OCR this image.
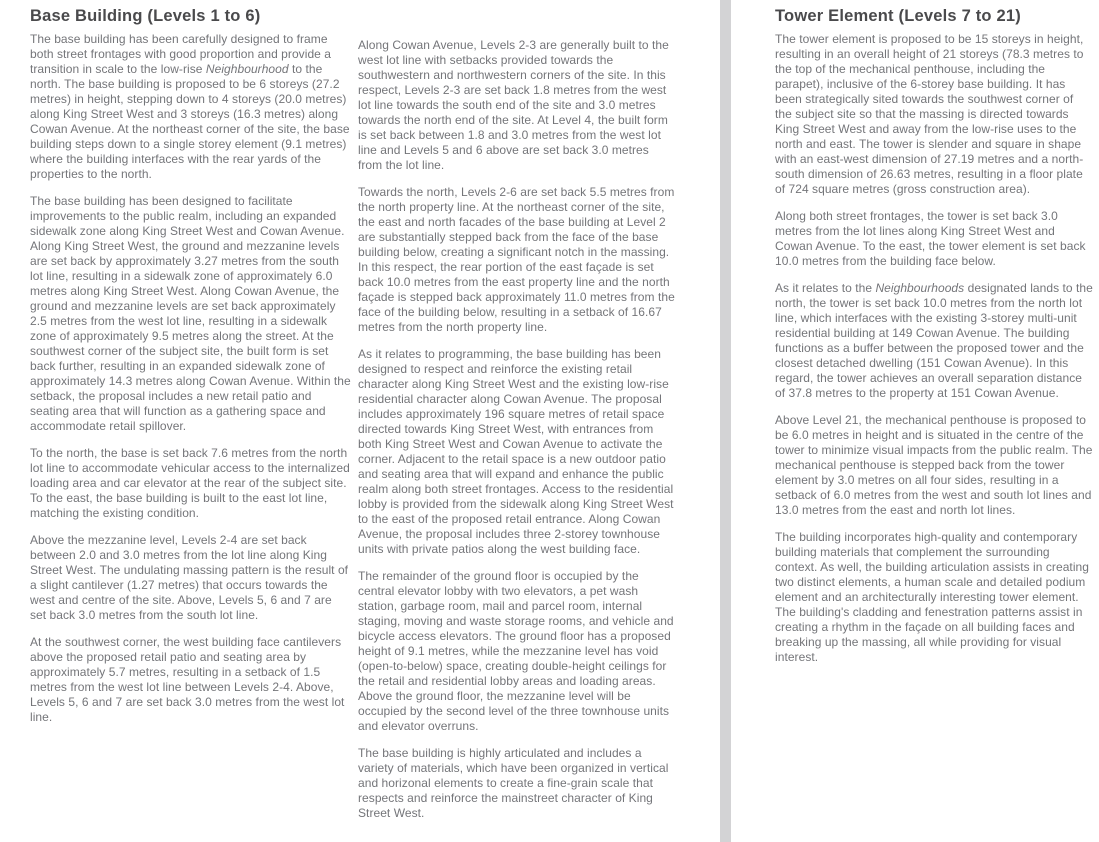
Base Building (Levels 1 to 6)

The base building has been carefully designed to frame both street frontages with good proportion and provide a transition in scale to the low-rise Neighbourhood to the north. The base building is proposed to be 6 storeys (27.2 metres) in height, stepping down to 4 storeys (20.0 metres) along King Street West and 3 storeys (16.3 metres) along Cowan Avenue. At the northeast corner of the site, the base building steps down to a single storey element (9.1 metres) where the building interfaces with the rear yards of the properties to the north.

The base building has been designed to facilitate improvements to the public realm, including an expanded sidewalk zone along King Street West and Cowan Avenue. Along King Street West, the ground and mezzanine levels are set back by approximately 3.27 metres from the south lot line, resulting in a sidewalk zone of approximately 6.0 metres along King Street West. Along Cowan Avenue, the ground and mezzanine levels are set back approximately 2.5 metres from the west lot line, resulting in a sidewalk zone of approximately 9.5 metres along the street. At the southwest corner of the subject site, the built form is set back further, resulting in an expanded sidewalk zone of approximately 14.3 metres along Cowan Avenue. Within the setback, the proposal includes a new retail patio and seating area that will function as a gathering space and accommodate retail spillover.

To the north, the base is set back 7.6 metres from the north lot line to accommodate vehicular access to the internalized loading area and car elevator at the rear of the subject site. To the east, the base building is built to the east lot line, matching the existing condition.

Above the mezzanine level, Levels 2-4 are set back between 2.0 and 3.0 metres from the lot line along King Street West. The undulating massing pattern is the result of a slight cantilever (1.27 metres) that occurs towards the west and centre of the site. Above, Levels 5, 6 and 7 are set back 3.0 metres from the south lot line.

At the southwest corner, the west building face cantilevers above the proposed retail patio and seating area by approximately 5.7 metres, resulting in a setback of 1.5 metres from the west lot line between Levels 2-4. Above, Levels 5, 6 and 7 are set back 3.0 metres from the west lot line.

Along Cowan Avenue, Levels 2-3 are generally built to the west lot line with setbacks provided towards the southwestern and northwestern corners of the site. In this respect, Levels 2-3 are set back 1.8 metres from the west lot line towards the south end of the site and 3.0 metres towards the north end of the site. At Level 4, the built form is set back between 1.8 and 3.0 metres from the west lot line and Levels 5 and 6 above are set back 3.0 metres from the lot line.

Towards the north, Levels 2-6 are set back 5.5 metres from the north property line. At the northeast corner of the site, the east and north facades of the base building at Level 2 are substantially stepped back from the face of the base building below, creating a significant notch in the massing. In this respect, the rear portion of the east façade is set back 10.0 metres from the east property line and the north façade is stepped back approximately 11.0 metres from the face of the building below, resulting in a setback of 16.67 metres from the north property line.

As it relates to programming, the base building has been designed to respect and reinforce the existing retail character along King Street West and the existing low-rise residential character along Cowan Avenue. The proposal includes approximately 196 square metres of retail space directed towards King Street West, with entrances from both King Street West and Cowan Avenue to activate the corner. Adjacent to the retail space is a new outdoor patio and seating area that will expand and enhance the public realm along both street frontages. Access to the residential lobby is provided from the sidewalk along King Street West to the east of the proposed retail entrance. Along Cowan Avenue, the proposal includes three 2-storey townhouse units with private patios along the west building face.

The remainder of the ground floor is occupied by the central elevator lobby with two elevators, a pet wash station, garbage room, mail and parcel room, internal staging, moving and waste storage rooms, and vehicle and bicycle access elevators. The ground floor has a proposed height of 9.1 metres, while the mezzanine level has void (open-to-below) space, creating double-height ceilings for the retail and residential lobby areas and loading areas. Above the ground floor, the mezzanine level will be occupied by the second level of the three townhouse units and elevator overruns.

The base building is highly articulated and includes a variety of materials, which have been organized in vertical and horizonal elements to create a fine-grain scale that respects and reinforce the mainstreet character of King Street West.

Tower Element (Levels 7 to 21)

The tower element is proposed to be 15 storeys in height, resulting in an overall height of 21 storeys (78.3 metres to the top of the mechanical penthouse, including the parapet), inclusive of the 6-storey base building. It has been strategically sited towards the southwest corner of the subject site so that the massing is directed towards King Street West and away from the low-rise uses to the north and east. The tower is slender and square in shape with an east-west dimension of 27.19 metres and a north-south dimension of 26.63 metres, resulting in a floor plate of 724 square metres (gross construction area).

Along both street frontages, the tower is set back 3.0 metres from the lot lines along King Street West and Cowan Avenue. To the east, the tower element is set back 10.0 metres from the building face below.

As it relates to the Neighbourhoods designated lands to the north, the tower is set back 10.0 metres from the north lot line, which interfaces with the existing 3-storey multi-unit residential building at 149 Cowan Avenue. The building functions as a buffer between the proposed tower and the closest detached dwelling (151 Cowan Avenue). In this regard, the tower achieves an overall separation distance of 37.8 metres to the property at 151 Cowan Avenue.

Above Level 21, the mechanical penthouse is proposed to be 6.0 metres in height and is situated in the centre of the tower to minimize visual impacts from the public realm. The mechanical penthouse is stepped back from the tower element by 3.0 metres on all four sides, resulting in a setback of 6.0 metres from the west and south lot lines and 13.0 metres from the east and north lot lines.

The building incorporates high-quality and contemporary building materials that complement the surrounding context. As well, the building articulation assists in creating two distinct elements, a human scale and detailed podium element and an architecturally interesting tower element. The building's cladding and fenestration patterns assist in creating a rhythm in the façade on all building faces and breaking up the massing, all while providing for visual interest.
